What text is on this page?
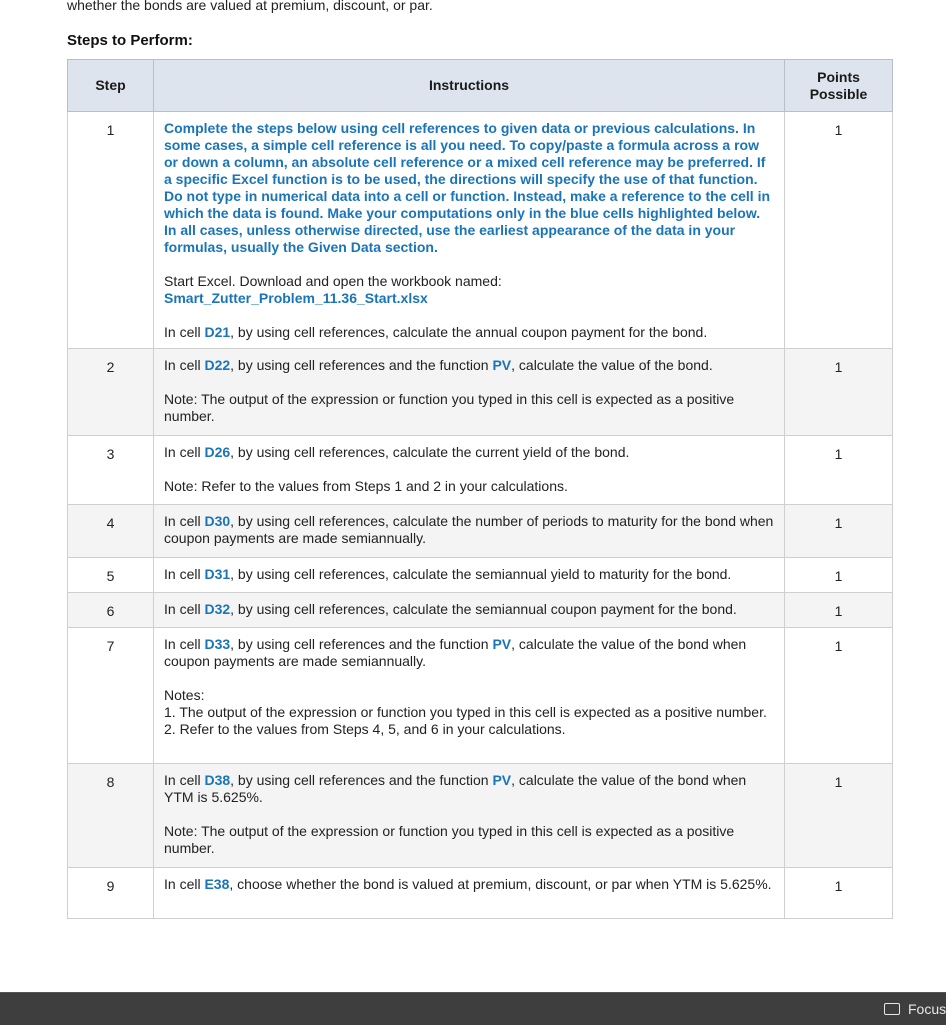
whether the bonds are valued at premium, discount, or par.
Steps to Perform:
Step	Instructions	Points Possible
1	Complete the steps below using cell references to given data or previous calculations. In some cases, a simple cell reference is all you need. To copy/paste a formula across a row or down a column, an absolute cell reference or a mixed cell reference may be preferred. If a specific Excel function is to be used, the directions will specify the use of that function. Do not type in numerical data into a cell or function. Instead, make a reference to the cell in which the data is found. Make your computations only in the blue cells highlighted below. In all cases, unless otherwise directed, use the earliest appearance of the data in your formulas, usually the Given Data section.

Start Excel. Download and open the workbook named:

Smart_Zutter_Problem_11.36_Start.xlsx

In cell D21, by using cell references, calculate the annual coupon payment for the bond.	1
2	In cell D22, by using cell references and the function PV, calculate the value of the bond.

Note: The output of the expression or function you typed in this cell is expected as a positive number.	1
3	In cell D26, by using cell references, calculate the current yield of the bond.

Note: Refer to the values from Steps 1 and 2 in your calculations.	1
4	In cell D30, by using cell references, calculate the number of periods to maturity for the bond when coupon payments are made semiannually.	1
5	In cell D31, by using cell references, calculate the semiannual yield to maturity for the bond.	1
6	In cell D32, by using cell references, calculate the semiannual coupon payment for the bond.	1
7	In cell D33, by using cell references and the function PV, calculate the value of the bond when coupon payments are made semiannually.

Notes:

1. The output of the expression or function you typed in this cell is expected as a positive number.

2. Refer to the values from Steps 4, 5, and 6 in your calculations.	1
8	In cell D38, by using cell references and the function PV, calculate the value of the bond when YTM is 5.625%.

Note: The output of the expression or function you typed in this cell is expected as a positive number.	1
9	In cell E38, choose whether the bond is valued at premium, discount, or par when YTM is 5.625%.	1
Focus
